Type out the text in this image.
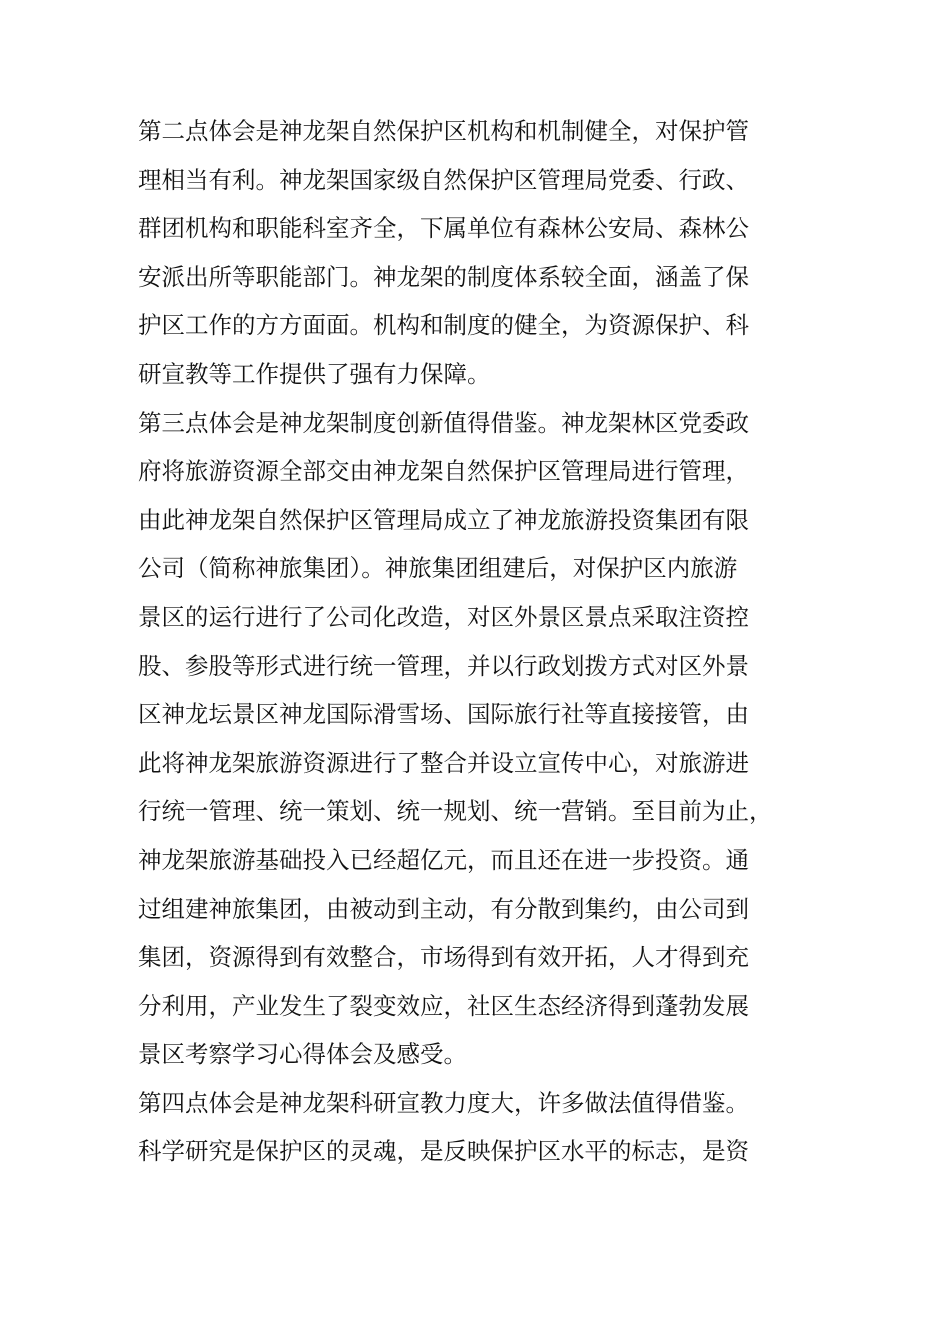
第二点体会是神龙架自然保护区机构和机制健全，对保护管
理相当有利。神龙架国家级自然保护区管理局党委、行政、
群团机构和职能科室齐全，下属单位有森林公安局、森林公
安派出所等职能部门。神龙架的制度体系较全面，涵盖了保
护区工作的方方面面。机构和制度的健全，为资源保护、科
研宣教等工作提供了强有力保障。
第三点体会是神龙架制度创新值得借鉴。神龙架林区党委政
府将旅游资源全部交由神龙架自然保护区管理局进行管理，
由此神龙架自然保护区管理局成立了神龙旅游投资集团有限
公司（简称神旅集团）。神旅集团组建后，对保护区内旅游
景区的运行进行了公司化改造，对区外景区景点采取注资控
股、参股等形式进行统一管理，并以行政划拨方式对区外景
区神龙坛景区神龙国际滑雪场、国际旅行社等直接接管，由
此将神龙架旅游资源进行了整合并设立宣传中心，对旅游进
行统一管理、统一策划、统一规划、统一营销。至目前为止，
神龙架旅游基础投入已经超亿元，而且还在进一步投资。通
过组建神旅集团，由被动到主动，有分散到集约，由公司到
集团，资源得到有效整合，市场得到有效开拓，人才得到充
分利用，产业发生了裂变效应，社区生态经济得到蓬勃发展
景区考察学习心得体会及感受。
第四点体会是神龙架科研宣教力度大，许多做法值得借鉴。
科学研究是保护区的灵魂，是反映保护区水平的标志，是资
